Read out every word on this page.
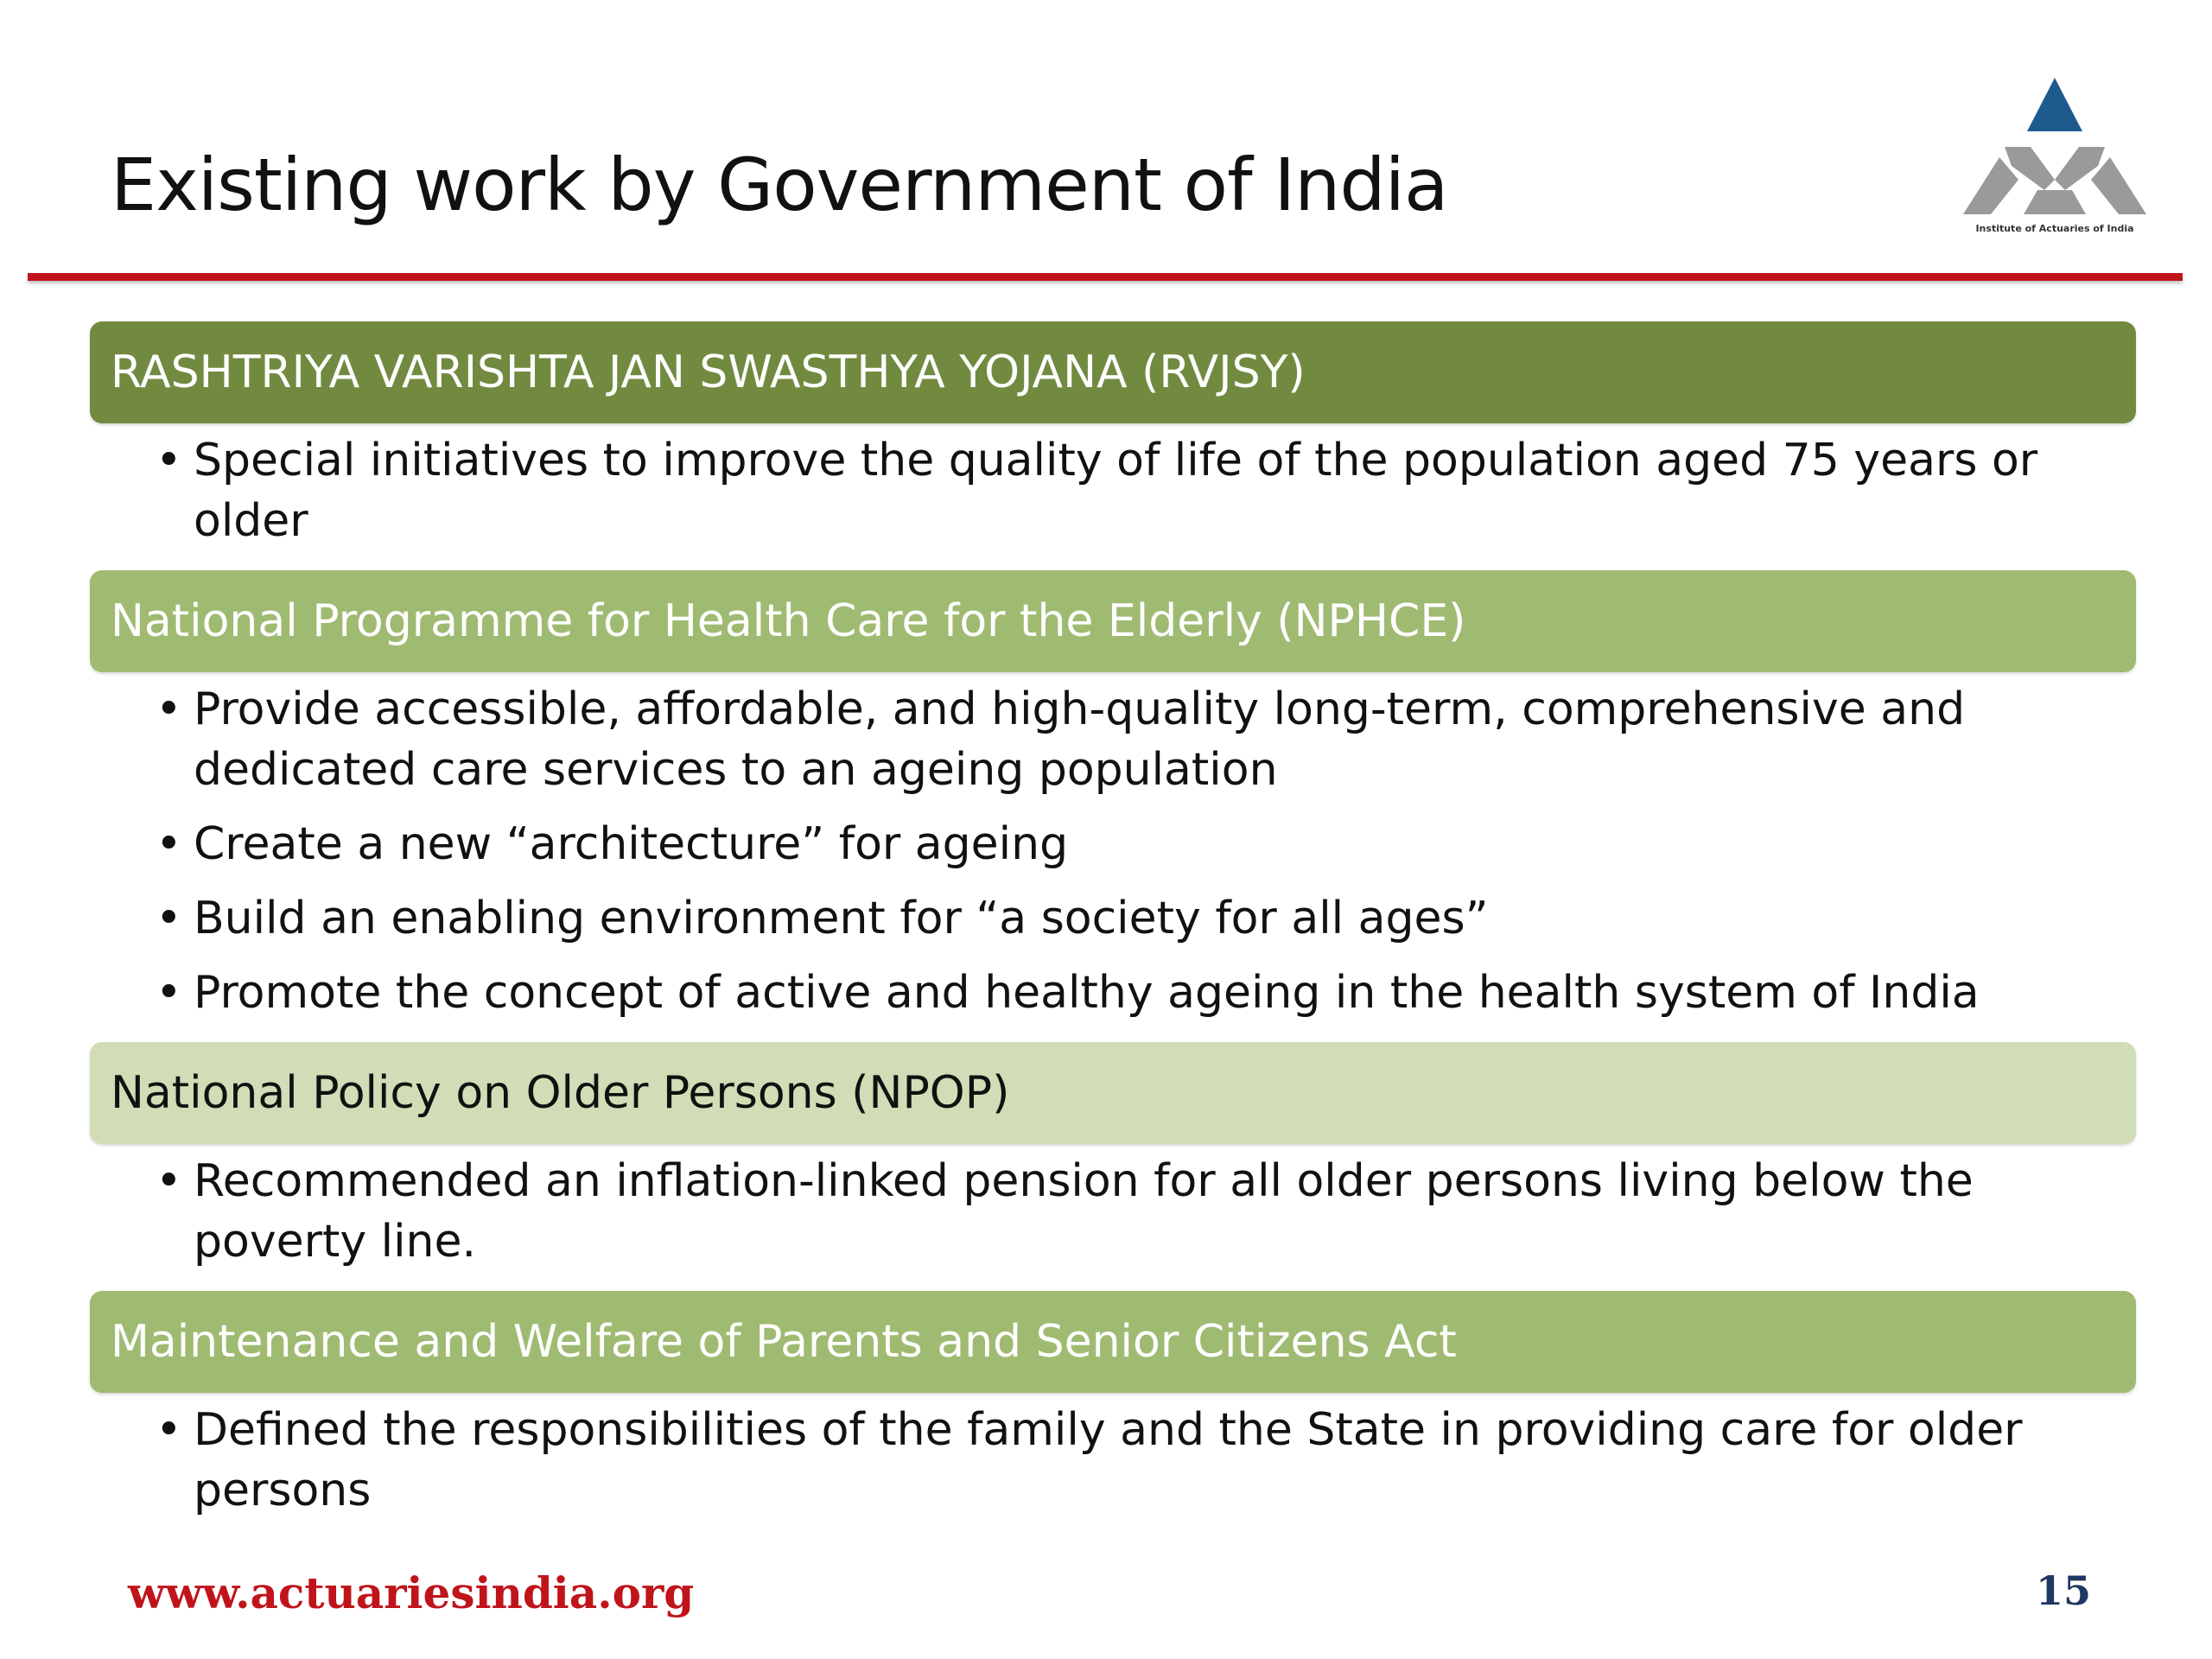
Existing work by Government of India
Institute of Actuaries of India
RASHTRIYA VARISHTA JAN SWASTHYA YOJANA (RVJSY)
• Special initiatives to improve the quality of life of the population aged 75 years or older
National Programme for Health Care for the Elderly (NPHCE)
• Provide accessible, affordable, and high-quality long-term, comprehensive and dedicated care services to an ageing population
• Create a new “architecture” for ageing
• Build an enabling environment for “a society for all ages”
• Promote the concept of active and healthy ageing in the health system of India
National Policy on Older Persons (NPOP)
• Recommended an inflation-linked pension for all older persons living below the poverty line.
Maintenance and Welfare of Parents and Senior Citizens Act
• Defined the responsibilities of the family and the State in providing care for older persons
www.actuariesindia.org	15
